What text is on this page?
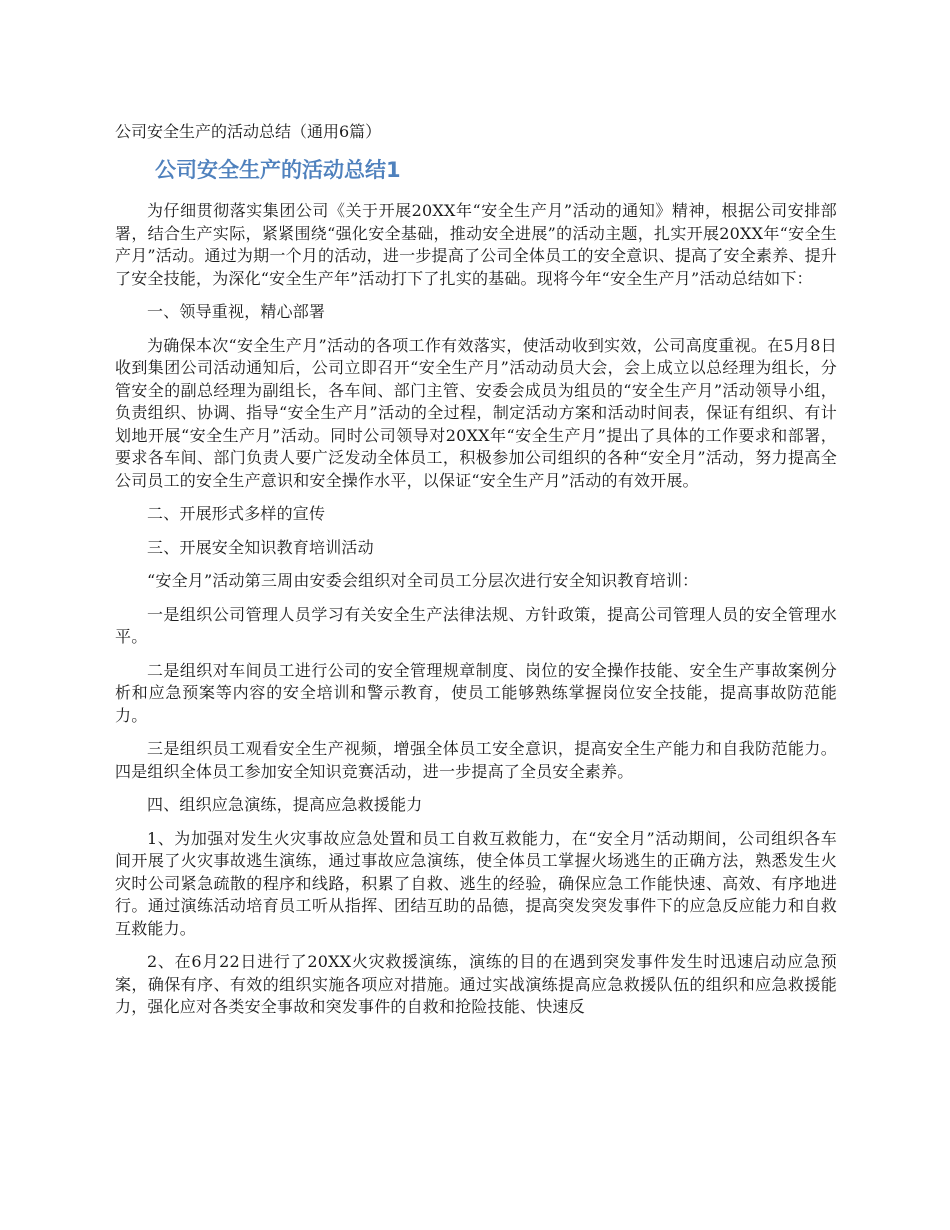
公司安全生产的活动总结（通用6篇）
公司安全生产的活动总结1

为仔细贯彻落实集团公司《关于开展20XX年“安全生产月”活动的通知》精神，根据公司安排部署，结合生产实际，紧紧围绕“强化安全基础，推动安全进展”的活动主题，扎实开展20XX年“安全生产月”活动。通过为期一个月的活动，进一步提高了公司全体员工的安全意识、提高了安全素养、提升了安全技能，为深化“安全生产年”活动打下了扎实的基础。现将今年“安全生产月”活动总结如下：

一、领导重视，精心部署

为确保本次“安全生产月”活动的各项工作有效落实，使活动收到实效，公司高度重视。在5月8日收到集团公司活动通知后，公司立即召开“安全生产月”活动动员大会，会上成立以总经理为组长，分管安全的副总经理为副组长，各车间、部门主管、安委会成员为组员的“安全生产月”活动领导小组，负责组织、协调、指导“安全生产月”活动的全过程，制定活动方案和活动时间表，保证有组织、有计划地开展“安全生产月”活动。同时公司领导对20XX年“安全生产月”提出了具体的工作要求和部署，要求各车间、部门负责人要广泛发动全体员工，积极参加公司组织的各种“安全月”活动，努力提高全公司员工的安全生产意识和安全操作水平，以保证“安全生产月”活动的有效开展。

二、开展形式多样的宣传

三、开展安全知识教育培训活动

“安全月”活动第三周由安委会组织对全司员工分层次进行安全知识教育培训：

一是组织公司管理人员学习有关安全生产法律法规、方针政策，提高公司管理人员的安全管理水平。

二是组织对车间员工进行公司的安全管理规章制度、岗位的安全操作技能、安全生产事故案例分析和应急预案等内容的安全培训和警示教育，使员工能够熟练掌握岗位安全技能，提高事故防范能力。

三是组织员工观看安全生产视频，增强全体员工安全意识，提高安全生产能力和自我防范能力。四是组织全体员工参加安全知识竞赛活动，进一步提高了全员安全素养。

四、组织应急演练，提高应急救援能力

1、为加强对发生火灾事故应急处置和员工自救互救能力，在“安全月”活动期间，公司组织各车间开展了火灾事故逃生演练，通过事故应急演练，使全体员工掌握火场逃生的正确方法，熟悉发生火灾时公司紧急疏散的程序和线路，积累了自救、逃生的经验，确保应急工作能快速、高效、有序地进行。通过演练活动培育员工听从指挥、团结互助的品德，提高突发突发事件下的应急反应能力和自救互救能力。

2、在6月22日进行了20XX火灾救援演练，演练的目的在遇到突发事件发生时迅速启动应急预案，确保有序、有效的组织实施各项应对措施。通过实战演练提高应急救援队伍的组织和应急救援能力，强化应对各类安全事故和突发事件的自救和抢险技能、快速反
